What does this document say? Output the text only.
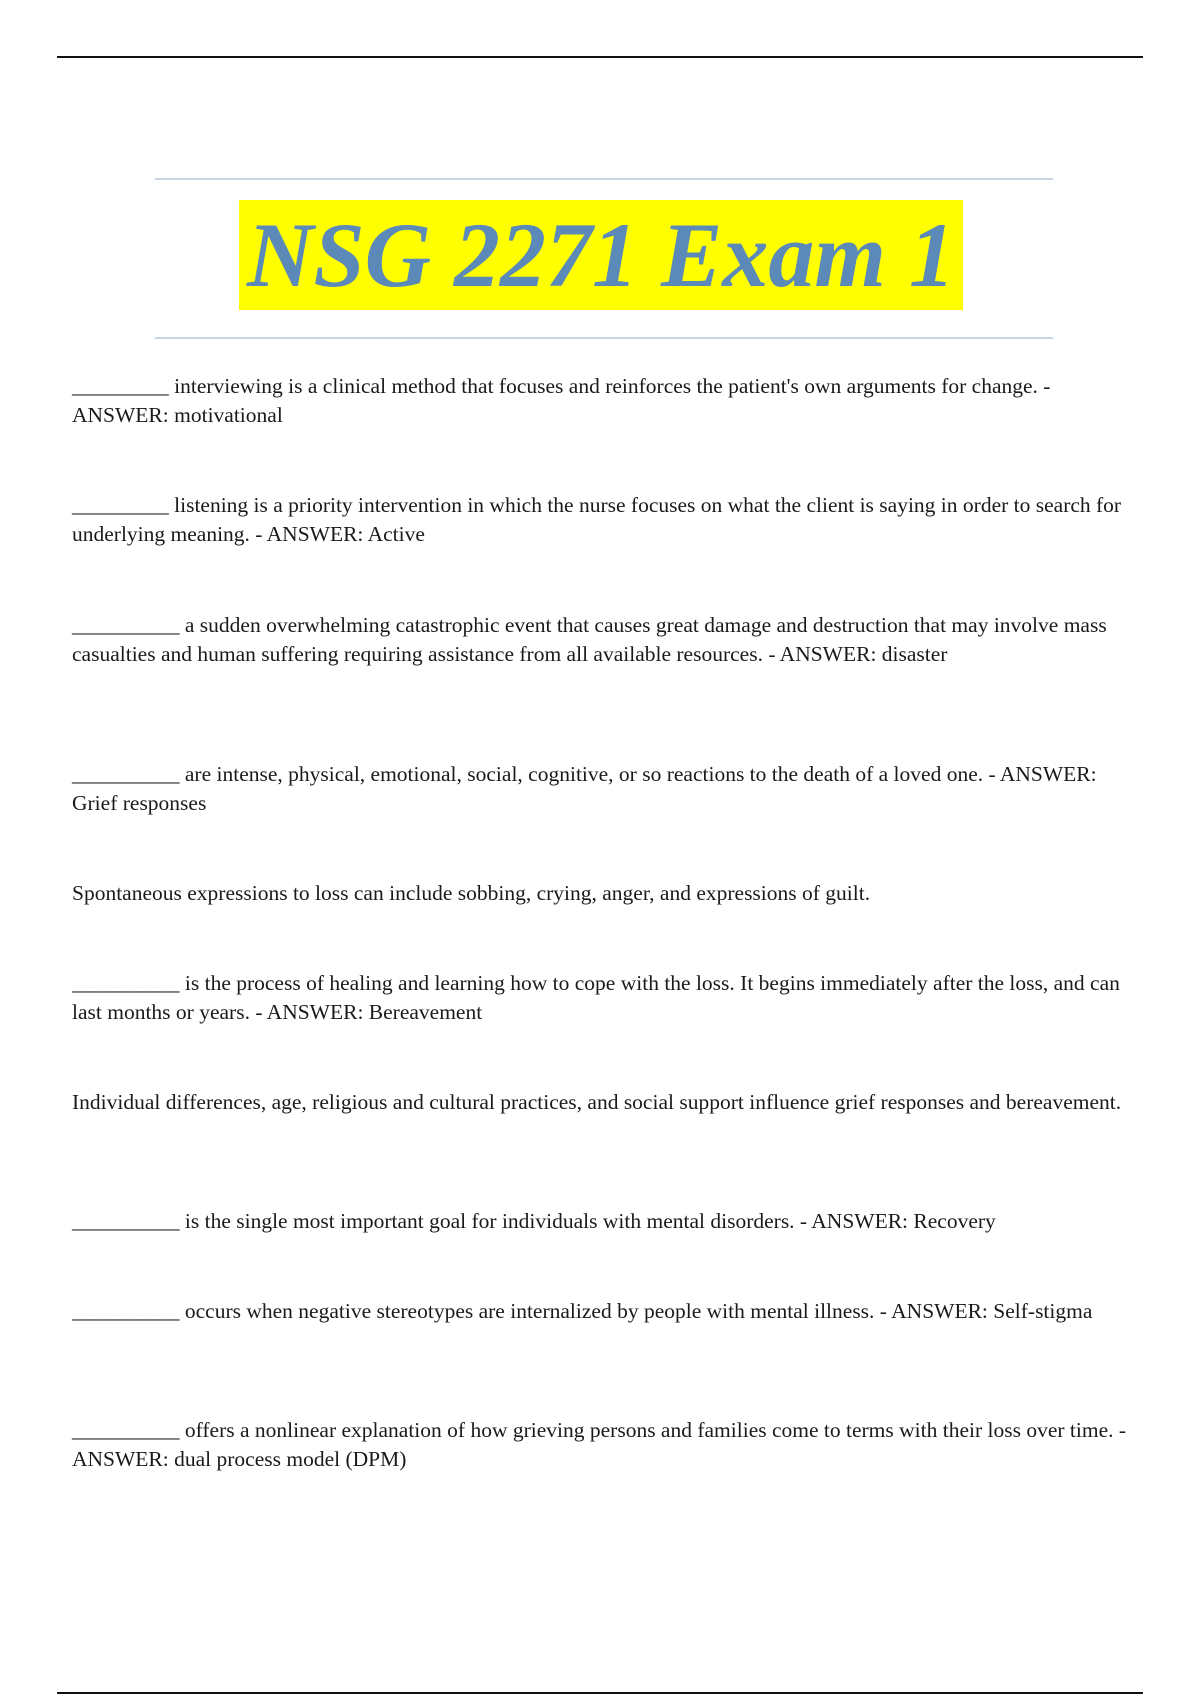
NSG 2271 Exam 1

_________ interviewing is a clinical method that focuses and reinforces the patient's own arguments for change. - ANSWER: motivational

_________ listening is a priority intervention in which the nurse focuses on what the client is saying in order to search for underlying meaning. - ANSWER: Active

__________ a sudden overwhelming catastrophic event that causes great damage and destruction that may involve mass casualties and human suffering requiring assistance from all available resources. - ANSWER: disaster

__________ are intense, physical, emotional, social, cognitive, or so reactions to the death of a loved one. - ANSWER: Grief responses

Spontaneous expressions to loss can include sobbing, crying, anger, and expressions of guilt.

__________ is the process of healing and learning how to cope with the loss. It begins immediately after the loss, and can last months or years. - ANSWER: Bereavement

Individual differences, age, religious and cultural practices, and social support influence grief responses and bereavement.

__________ is the single most important goal for individuals with mental disorders. - ANSWER: Recovery

__________ occurs when negative stereotypes are internalized by people with mental illness. - ANSWER: Self-stigma

__________ offers a nonlinear explanation of how grieving persons and families come to terms with their loss over time. - ANSWER: dual process model (DPM)
